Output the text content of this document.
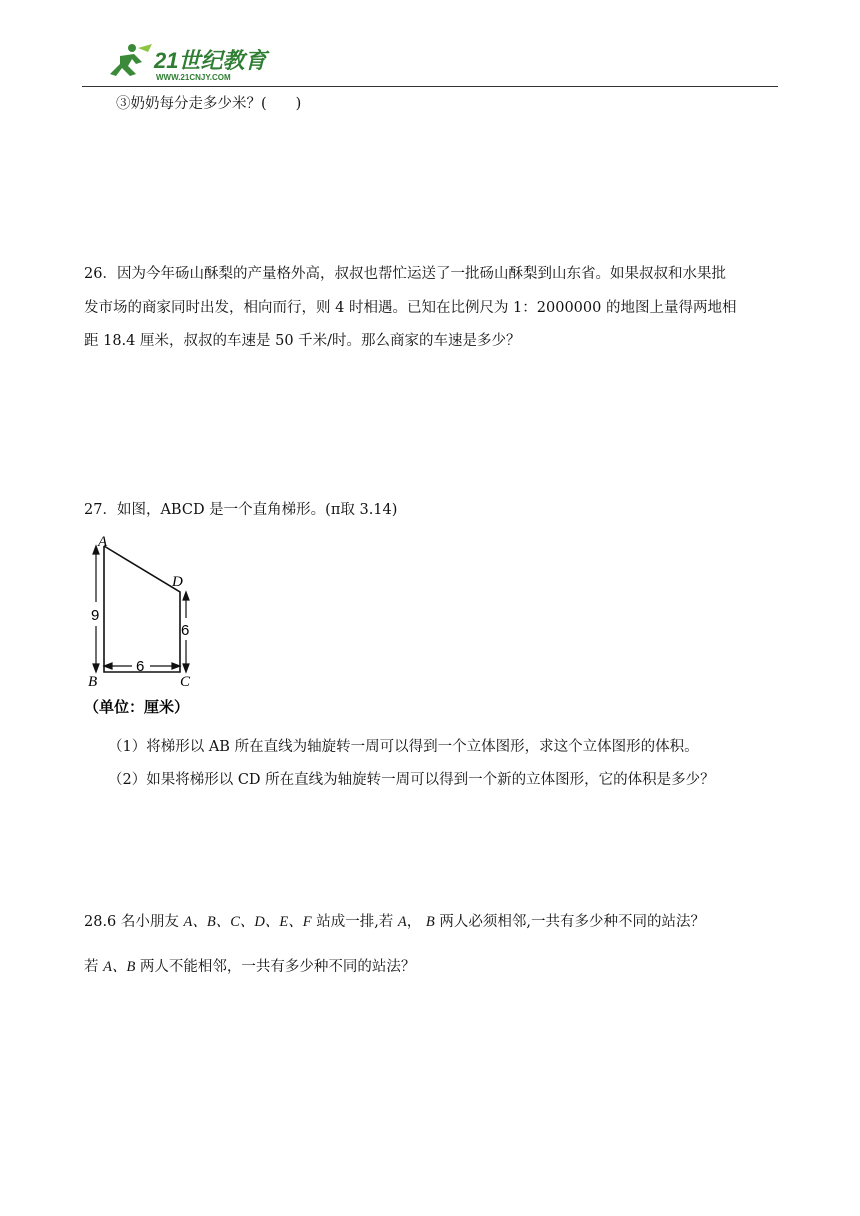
21世纪教育
WWW.21CNJY.COM
③奶奶每分走多少米？(　　)
26．因为今年砀山酥梨的产量格外高，叔叔也帮忙运送了一批砀山酥梨到山东省。如果叔叔和水果批
发市场的商家同时出发，相向而行，则 4 时相遇。已知在比例尺为 1：2000000 的地图上量得两地相
距 18.4 厘米，叔叔的车速是 50 千米/时。那么商家的车速是多少？
27．如图，ABCD 是一个直角梯形。(π取 3.14)
A
D
B	C
9
6
6
（单位：厘米）
（1）将梯形以 AB 所在直线为轴旋转一周可以得到一个立体图形，求这个立体图形的体积。
（2）如果将梯形以 CD 所在直线为轴旋转一周可以得到一个新的立体图形，它的体积是多少？
28.6 名小朋友 A、B、C、D、E、F 站成一排,若 A， B 两人必须相邻,一共有多少种不同的站法？
若 A、B 两人不能相邻，一共有多少种不同的站法？
